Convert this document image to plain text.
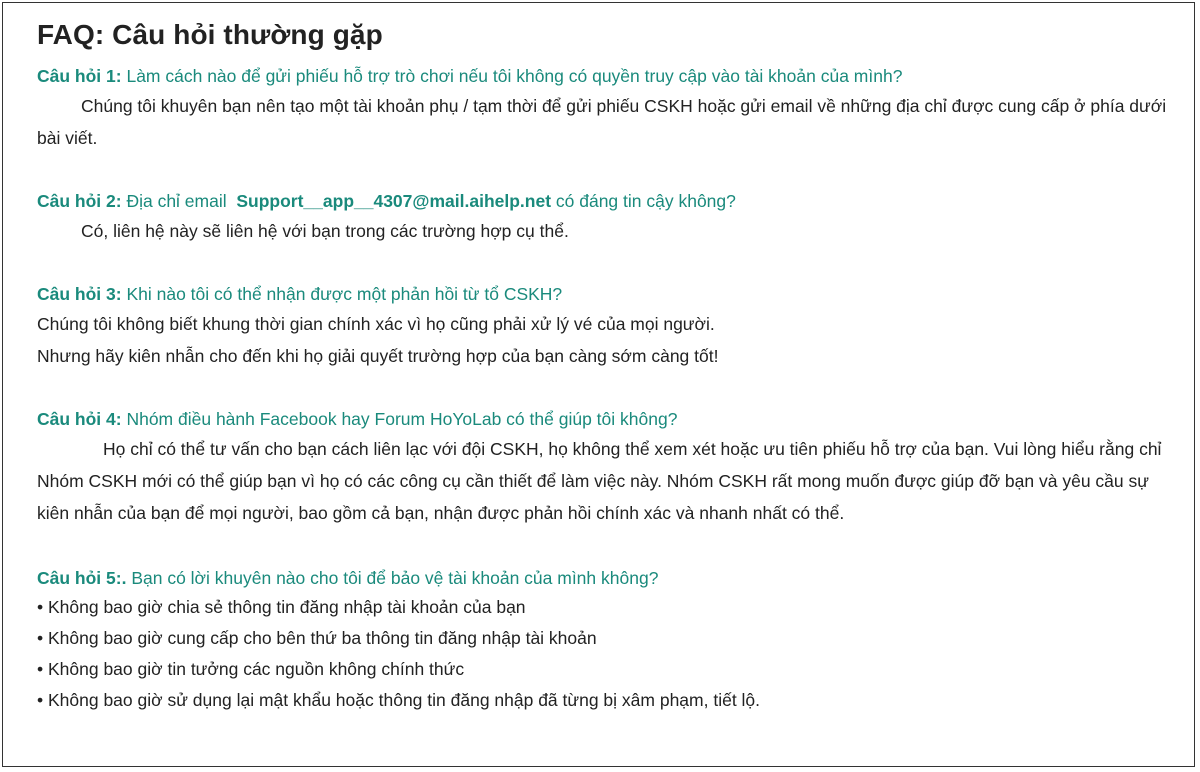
FAQ: Câu hỏi thường gặp

Câu hỏi 1: Làm cách nào để gửi phiếu hỗ trợ trò chơi nếu tôi không có quyền truy cập vào tài khoản của mình?

Chúng tôi khuyên bạn nên tạo một tài khoản phụ / tạm thời để gửi phiếu CSKH hoặc gửi email về những địa chỉ được cung cấp ở phía dưới bài viết.

Câu hỏi 2: Địa chỉ email  Support__app__4307@mail.aihelp.net có đáng tin cậy không?

Có, liên hệ này sẽ liên hệ với bạn trong các trường hợp cụ thể.

Câu hỏi 3: Khi nào tôi có thể nhận được một phản hồi từ tổ CSKH?

Chúng tôi không biết khung thời gian chính xác vì họ cũng phải xử lý vé của mọi người.

Nhưng hãy kiên nhẫn cho đến khi họ giải quyết trường hợp của bạn càng sớm càng tốt!

Câu hỏi 4: Nhóm điều hành Facebook hay Forum HoYoLab có thể giúp tôi không?

Họ chỉ có thể tư vấn cho bạn cách liên lạc với đội CSKH, họ không thể xem xét hoặc ưu tiên phiếu hỗ trợ của bạn. Vui lòng hiểu rằng chỉ Nhóm CSKH mới có thể giúp bạn vì họ có các công cụ cần thiết để làm việc này. Nhóm CSKH rất mong muốn được giúp đỡ bạn và yêu cầu sự kiên nhẫn của bạn để mọi người, bao gồm cả bạn, nhận được phản hồi chính xác và nhanh nhất có thể.

Câu hỏi 5:. Bạn có lời khuyên nào cho tôi để bảo vệ tài khoản của mình không?

• Không bao giờ chia sẻ thông tin đăng nhập tài khoản của bạn
• Không bao giờ cung cấp cho bên thứ ba thông tin đăng nhập tài khoản
• Không bao giờ tin tưởng các nguồn không chính thức
• Không bao giờ sử dụng lại mật khẩu hoặc thông tin đăng nhập đã từng bị xâm phạm, tiết lộ.
